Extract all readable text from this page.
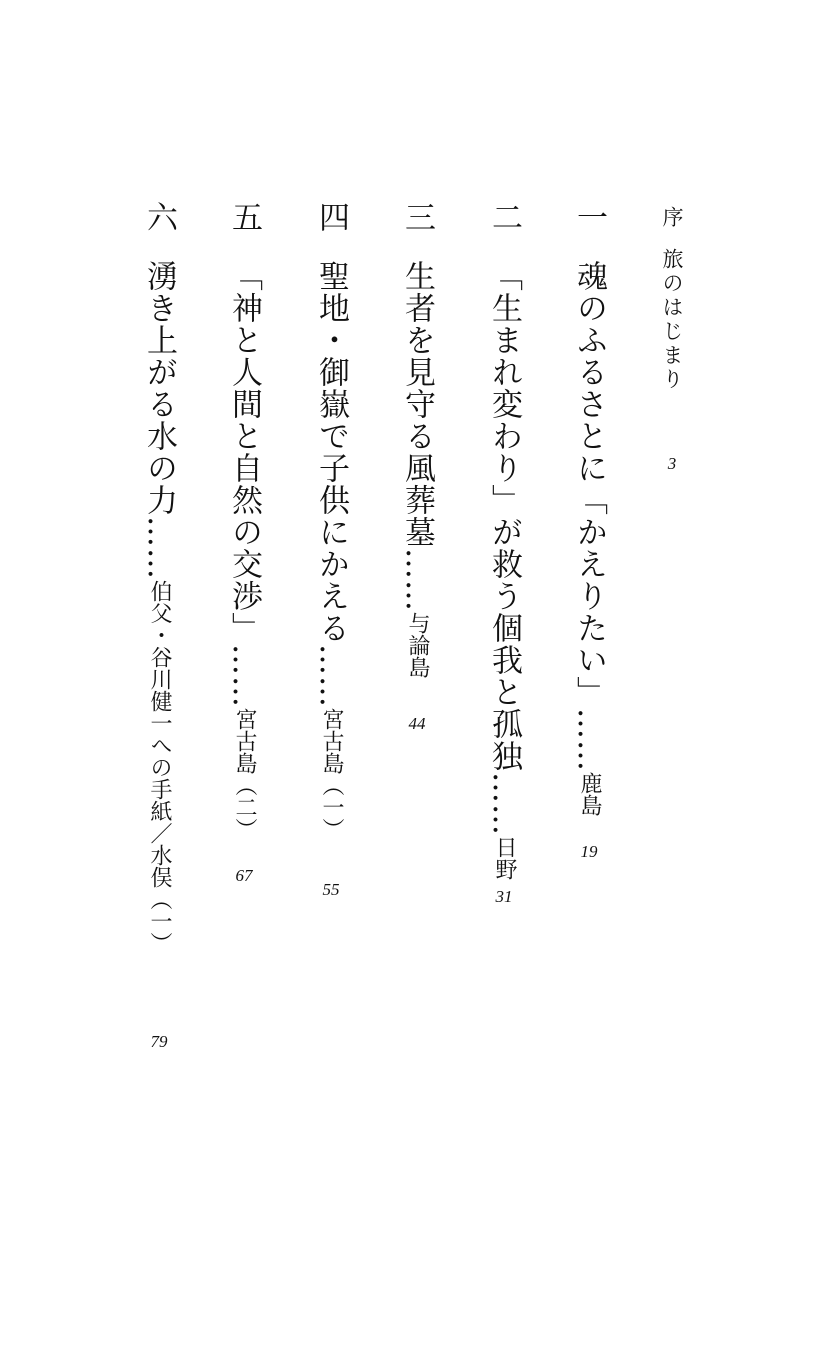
序
旅のはじまり
3
一
魂のふるさとに「かえりたい」……鹿島
19
二
「生まれ変わり」が救う個我と孤独……日野
31
三
生者を見守る風葬墓……与論島
44
四
聖地・御嶽で子供にかえる……宮古島（一）
55
五
「神と人間と自然の交渉」……宮古島（二）
67
六
湧き上がる水の力……伯父・谷川健一への手紙／水俣（一）
79
